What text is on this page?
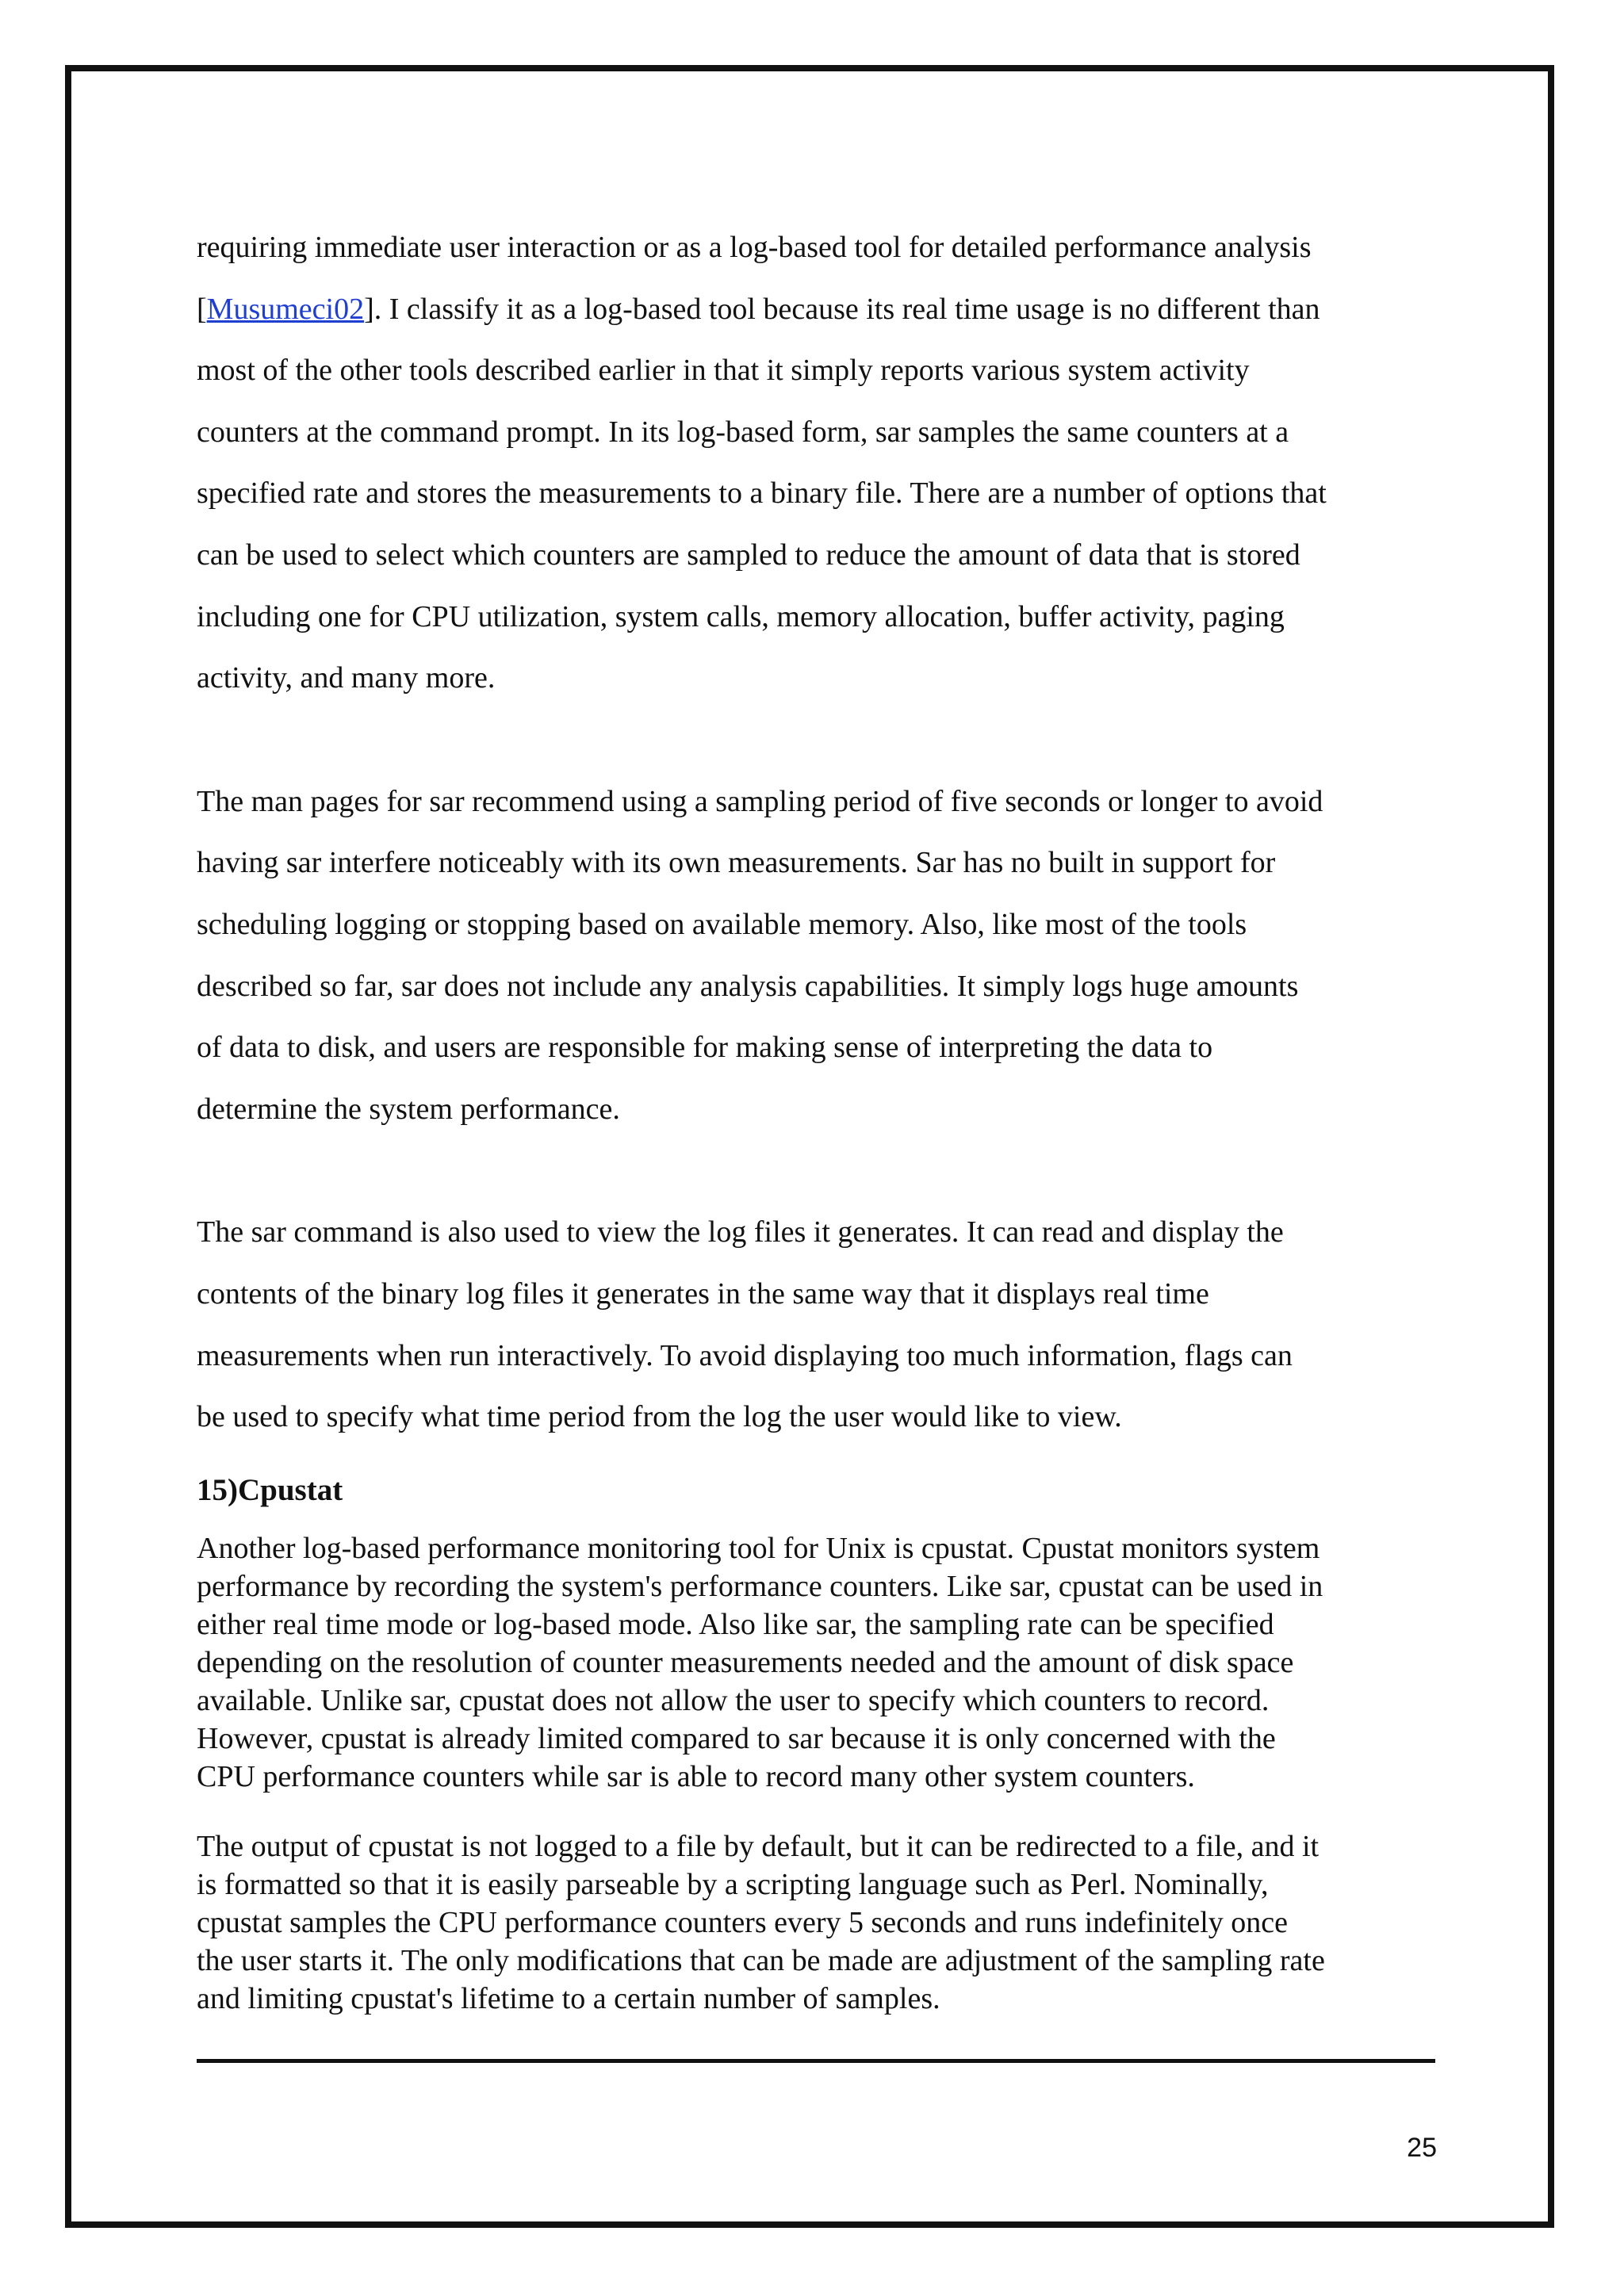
requiring immediate user interaction or as a log-based tool for detailed performance analysis
[Musumeci02]. I classify it as a log-based tool because its real time usage is no different than
most of the other tools described earlier in that it simply reports various system activity
counters at the command prompt. In its log-based form, sar samples the same counters at a
specified rate and stores the measurements to a binary file. There are a number of options that
can be used to select which counters are sampled to reduce the amount of data that is stored
including one for CPU utilization, system calls, memory allocation, buffer activity, paging
activity, and many more.
The man pages for sar recommend using a sampling period of five seconds or longer to avoid
having sar interfere noticeably with its own measurements. Sar has no built in support for
scheduling logging or stopping based on available memory. Also, like most of the tools
described so far, sar does not include any analysis capabilities. It simply logs huge amounts
of data to disk, and users are responsible for making sense of interpreting the data to
determine the system performance.
The sar command is also used to view the log files it generates. It can read and display the
contents of the binary log files it generates in the same way that it displays real time
measurements when run interactively. To avoid displaying too much information, flags can
be used to specify what time period from the log the user would like to view.
15)Cpustat
Another log-based performance monitoring tool for Unix is cpustat. Cpustat monitors system
performance by recording the system's performance counters. Like sar, cpustat can be used in
either real time mode or log-based mode. Also like sar, the sampling rate can be specified
depending on the resolution of counter measurements needed and the amount of disk space
available. Unlike sar, cpustat does not allow the user to specify which counters to record.
However, cpustat is already limited compared to sar because it is only concerned with the
CPU performance counters while sar is able to record many other system counters.
The output of cpustat is not logged to a file by default, but it can be redirected to a file, and it
is formatted so that it is easily parseable by a scripting language such as Perl. Nominally,
cpustat samples the CPU performance counters every 5 seconds and runs indefinitely once
the user starts it. The only modifications that can be made are adjustment of the sampling rate
and limiting cpustat's lifetime to a certain number of samples.
25
